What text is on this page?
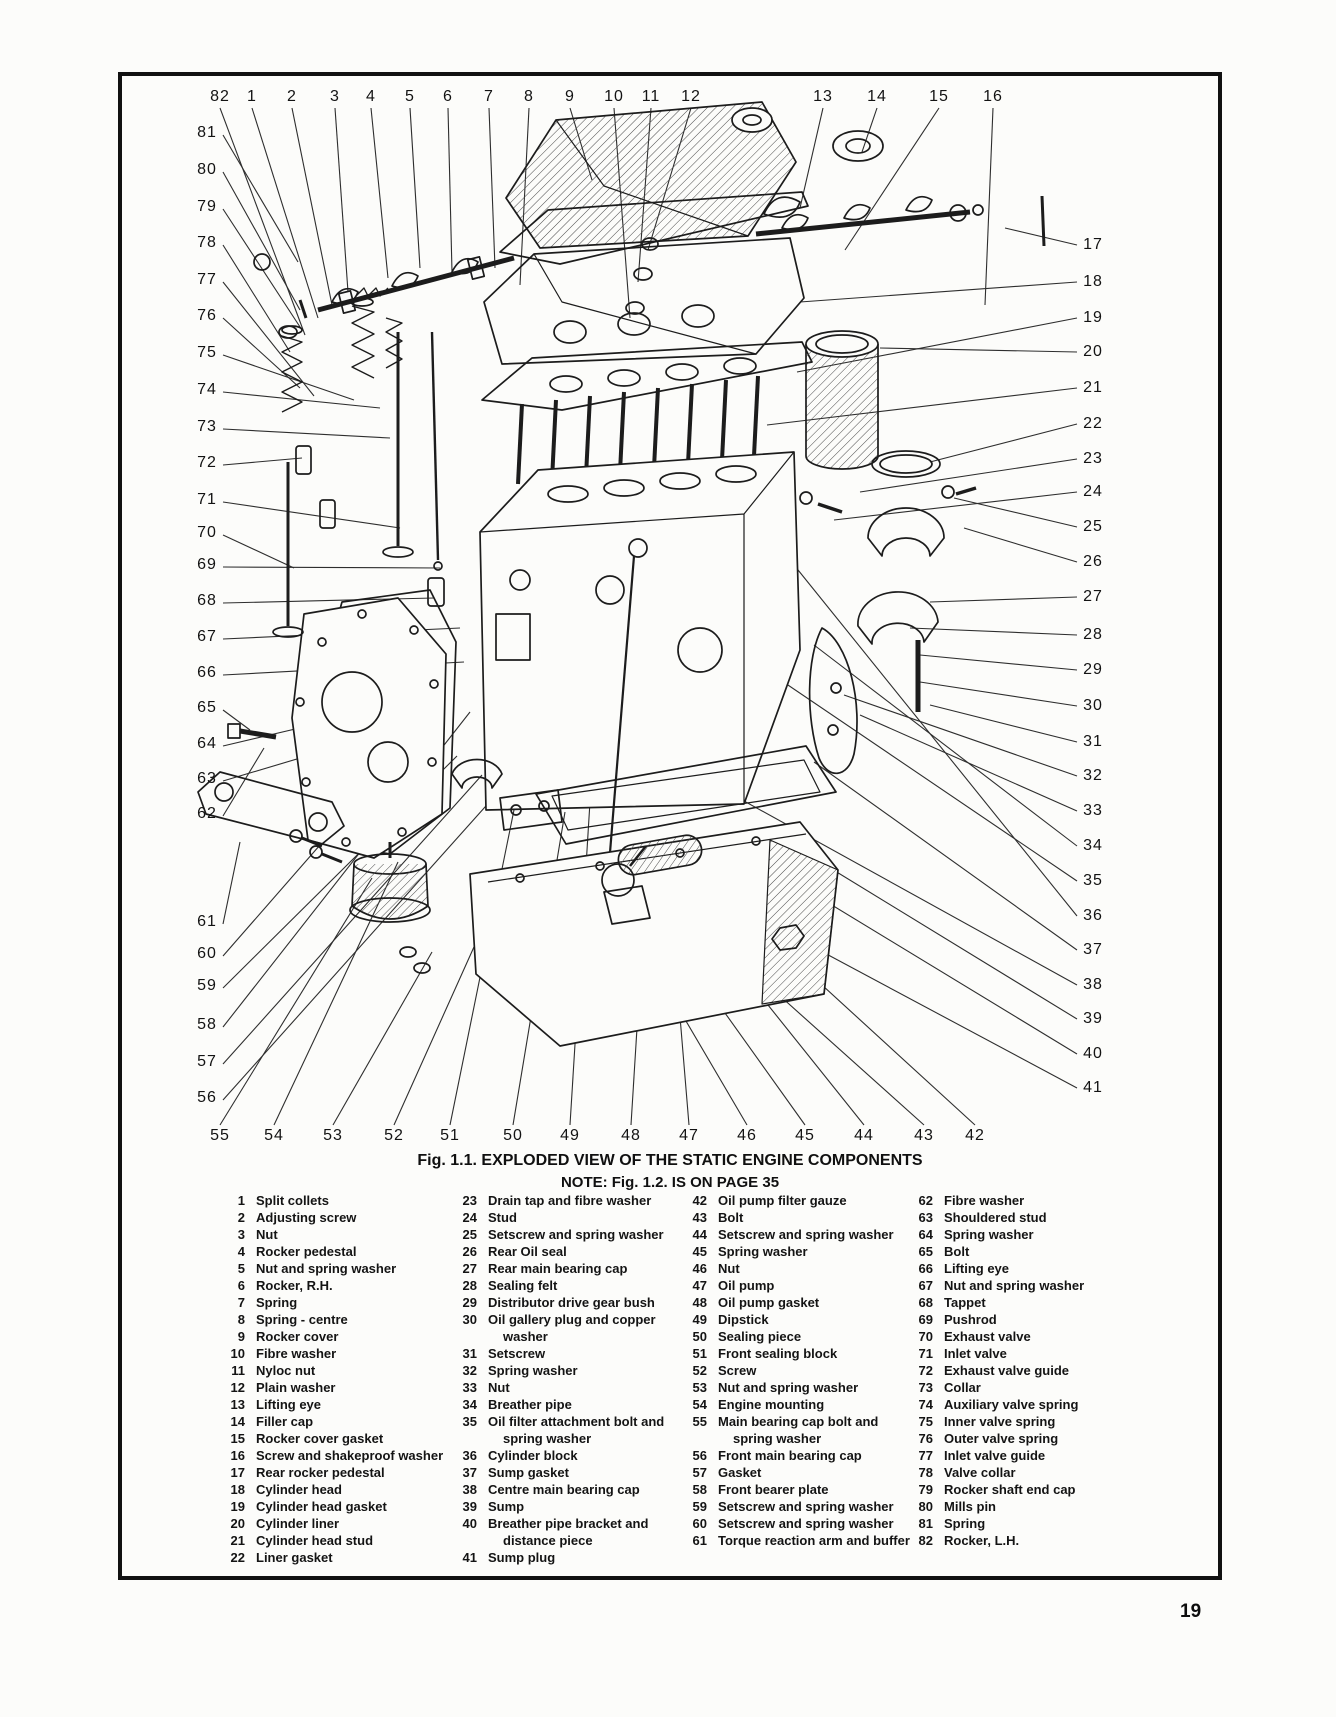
82 1 2 3 4 5 6 7 8 9 10 11 12	13 14	15 16
81
80
79
78
77
76
75
74
73
72
71
70
69
68
67
66
65
64
63
62
61
60
59
58
57
56
17
18
19
20
21
22
23
24
25
26
27
28
29
30
31
32
33
34
35
36
37
38
39
40
41
55 54 53	52 51	50 49	48 47 46 45 44	43 42
Fig. 1.1. EXPLODED VIEW OF THE STATIC ENGINE COMPONENTS
NOTE: Fig. 1.2. IS ON PAGE 35
1 Split collets
2 Adjusting screw
3 Nut
4 Rocker pedestal
5 Nut and spring washer
6 Rocker, R.H.
7 Spring
8 Spring - centre
9 Rocker cover
10 Fibre washer
11 Nyloc nut
12 Plain washer
13 Lifting eye
14 Filler cap
15 Rocker cover gasket
16 Screw and shakeproof washer
17 Rear rocker pedestal
18 Cylinder head
19 Cylinder head gasket
20 Cylinder liner
21 Cylinder head stud
22 Liner gasket
23 Drain tap and fibre washer
24 Stud
25 Setscrew and spring washer
26 Rear Oil seal
27 Rear main bearing cap
28 Sealing felt
29 Distributor drive gear bush
30 Oil gallery plug and copper washer
31 Setscrew
32 Spring washer
33 Nut
34 Breather pipe
35 Oil filter attachment bolt and spring washer
36 Cylinder block
37 Sump gasket
38 Centre main bearing cap
39 Sump
40 Breather pipe bracket and distance piece
41 Sump plug
42 Oil pump filter gauze
43 Bolt
44 Setscrew and spring washer
45 Spring washer
46 Nut
47 Oil pump
48 Oil pump gasket
49 Dipstick
50 Sealing piece
51 Front sealing block
52 Screw
53 Nut and spring washer
54 Engine mounting
55 Main bearing cap bolt and spring washer
56 Front main bearing cap
57 Gasket
58 Front bearer plate
59 Setscrew and spring washer
60 Setscrew and spring washer
61 Torque reaction arm and buffer
62 Fibre washer
63 Shouldered stud
64 Spring washer
65 Bolt
66 Lifting eye
67 Nut and spring washer
68 Tappet
69 Pushrod
70 Exhaust valve
71 Inlet valve
72 Exhaust valve guide
73 Collar
74 Auxiliary valve spring
75 Inner valve spring
76 Outer valve spring
77 Inlet valve guide
78 Valve collar
79 Rocker shaft end cap
80 Mills pin
81 Spring
82 Rocker, L.H.
19
